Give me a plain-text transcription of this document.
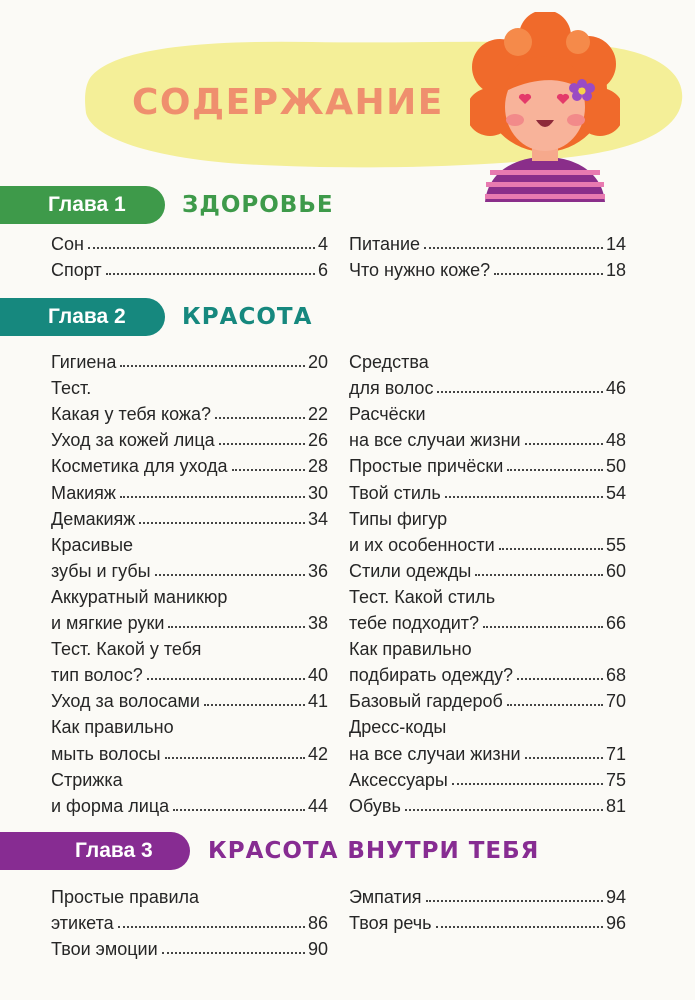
СОДЕРЖАНИЕ
Глава 1	ЗДОРОВЬЕ
Сон	4
Спорт	6
Питание	14
Что нужно коже?	18
Глава 2	КРАСОТА
Гигиена	20
Тест.
Какая у тебя кожа?	22
Уход за кожей лица	26
Косметика для ухода	28
Макияж	30
Демакияж	34
Красивые
зубы и губы	36
Аккуратный маникюр
и мягкие руки	38
Тест. Какой у тебя
тип волос?	40
Уход за волосами	41
Как правильно
мыть волосы	42
Стрижка
и форма лица	44
Средства
для волос	46
Расчёски
на все случаи жизни	48
Простые причёски	50
Твой стиль	54
Типы фигур
и их особенности	55
Стили одежды	60
Тест. Какой стиль
тебе подходит?	66
Как правильно
подбирать одежду?	68
Базовый гардероб	70
Дресс-коды
на все случаи жизни	71
Аксессуары	75
Обувь	81
Глава 3	КРАСОТА ВНУТРИ ТЕБЯ
Простые правила
этикета	86
Твои эмоции	90
Эмпатия	94
Твоя речь	96
